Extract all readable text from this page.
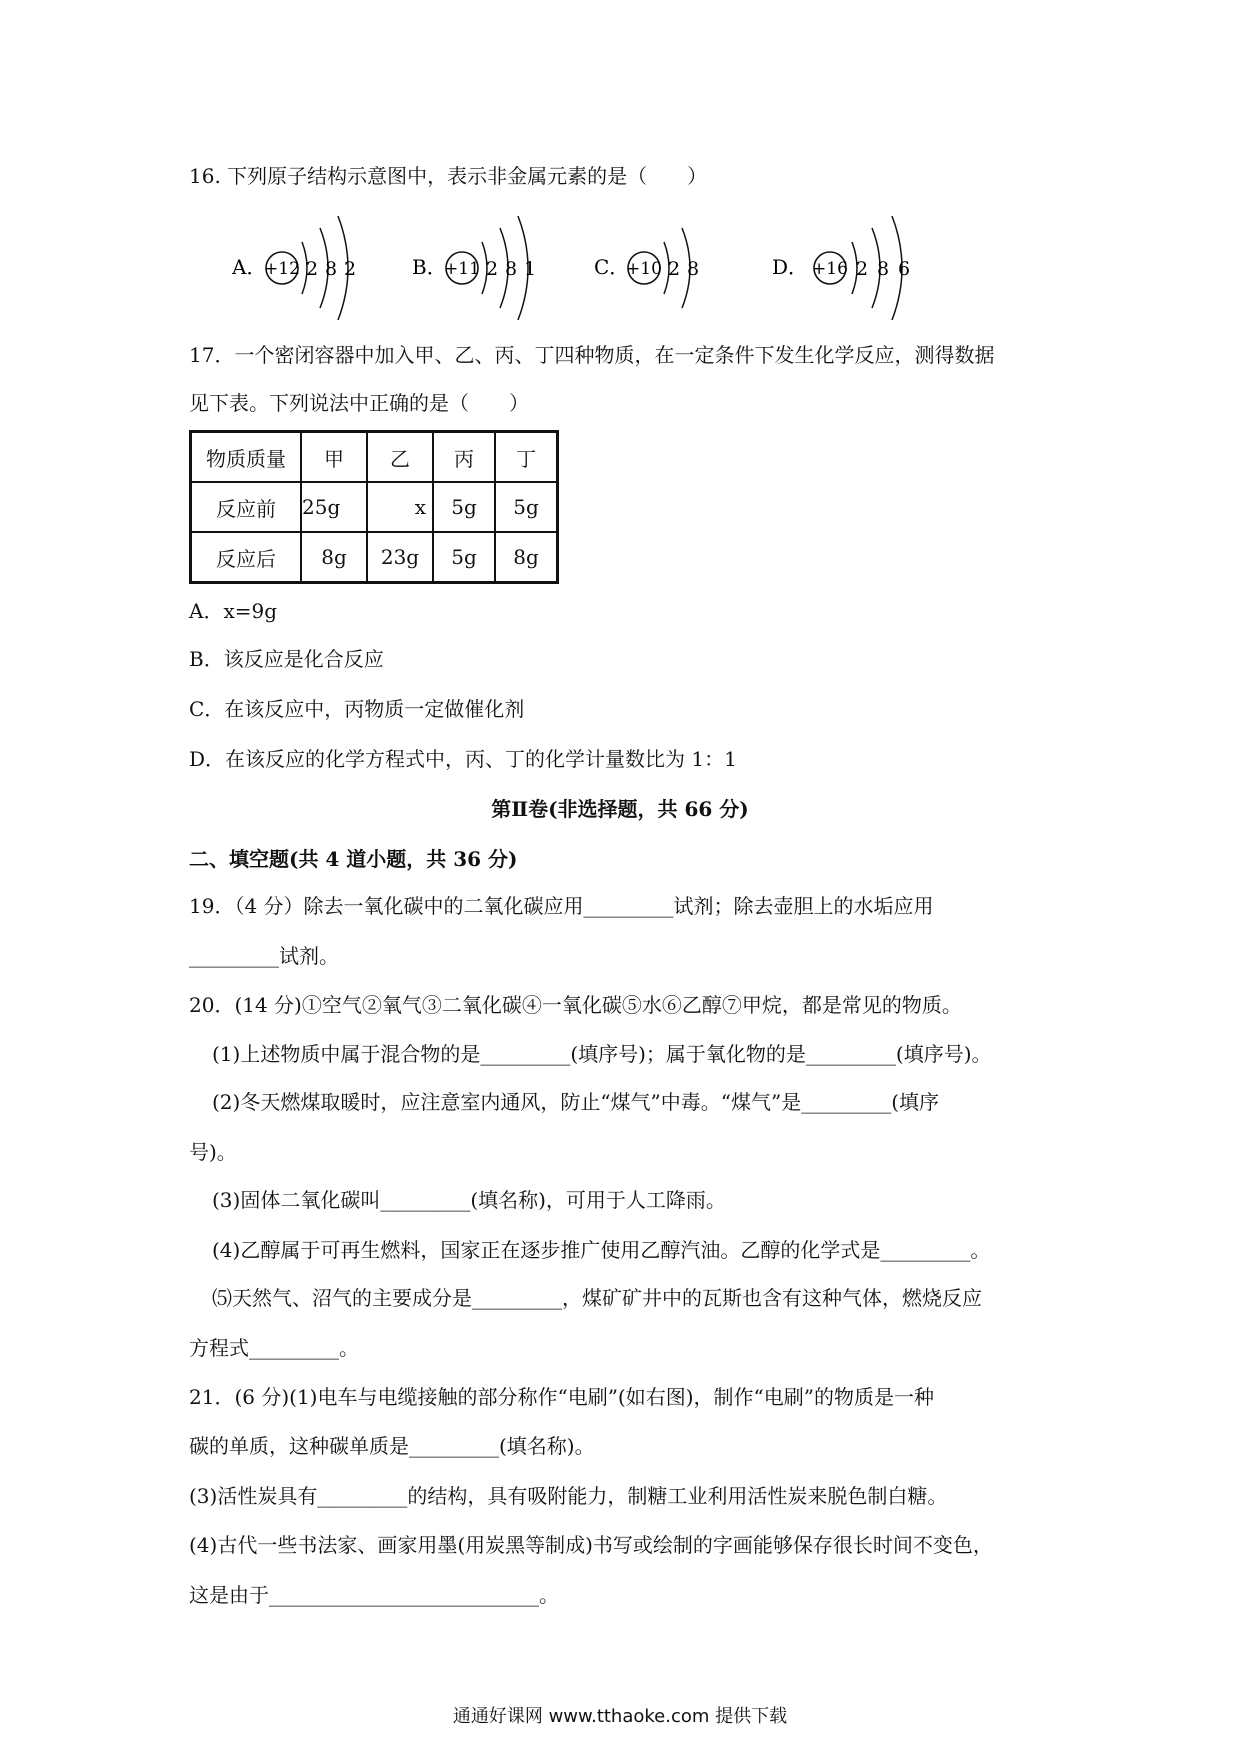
16. 下列原子结构示意图中，表示非金属元素的是（　　）
A．
+12 2 8 2	B．
+11 2 8 1	C．
+10 2 8	D． +16 2 8 6
17．一个密闭容器中加入甲、乙、丙、丁四种物质，在一定条件下发生化学反应，测得数据
见下表。下列说法中正确的是（　　）
物质质量	甲	乙	丙	丁
反应前	25g	x	5g	5g
反应后	8g	23g	5g	8g
A．x=9g
B．该反应是化合反应
C．在该反应中，丙物质一定做催化剂
D．在该反应的化学方程式中，丙、丁的化学计量数比为 1：1
第Ⅱ卷(非选择题，共 66 分)
二、填空题(共 4 道小题，共 36 分)
19．（4 分）除去一氧化碳中的二氧化碳应用_________试剂；除去壶胆上的水垢应用
_________试剂。
20．(14 分)①空气②氧气③二氧化碳④一氧化碳⑤水⑥乙醇⑦甲烷，都是常见的物质。
(1)上述物质中属于混合物的是_________(填序号)；属于氧化物的是_________(填序号)。
(2)冬天燃煤取暖时，应注意室内通风，防止“煤气”中毒。“煤气”是_________(填序
号)。
(3)固体二氧化碳叫_________(填名称)，可用于人工降雨。
(4)乙醇属于可再生燃料，国家正在逐步推广使用乙醇汽油。乙醇的化学式是_________。
⑸天然气、沼气的主要成分是_________，煤矿矿井中的瓦斯也含有这种气体，燃烧反应
方程式_________。
21．(6 分)(1)电车与电缆接触的部分称作“电刷”(如右图)，制作“电刷”的物质是一种
碳的单质，这种碳单质是_________(填名称)。
(3)活性炭具有_________的结构，具有吸附能力，制糖工业利用活性炭来脱色制白糖。
(4)古代一些书法家、画家用墨(用炭黑等制成)书写或绘制的字画能够保存很长时间不变色，
这是由于___________________________。
通通好课网 www.tthaoke.com 提供下载
